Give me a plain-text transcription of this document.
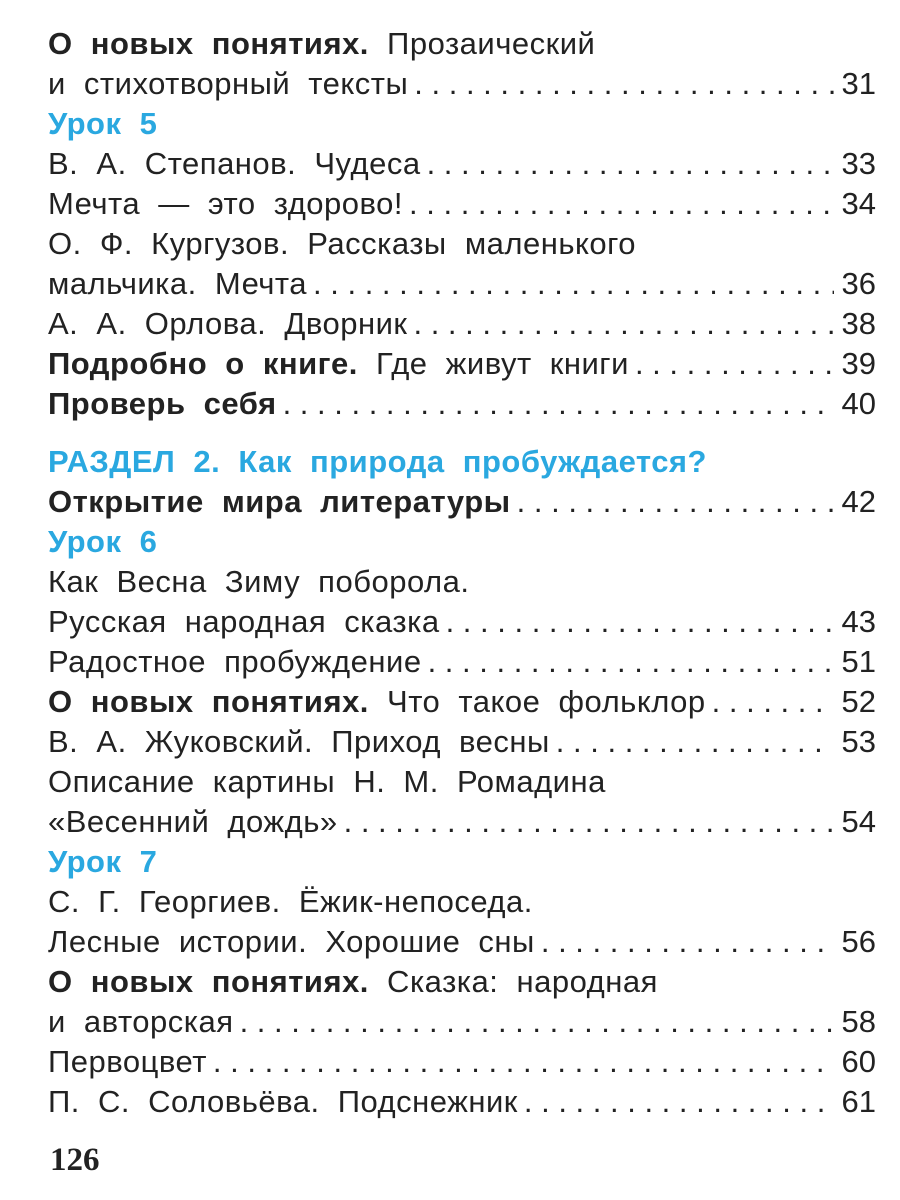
О новых понятиях. Прозаический
и стихотворный тексты . . .	31
Урок 5
В. А. Степанов. Чудеса . . .	33
Мечта — это здорово! . . .	34
О. Ф. Кургузов. Рассказы маленького
мальчика. Мечта . . .	36
А. А. Орлова. Дворник . . .	38
Подробно о книге. Где живут книги . . .	39
Проверь себя . . .	40
РАЗДЕЛ 2. Как природа пробуждается?
Открытие мира литературы . . .	42
Урок 6
Как Весна Зиму поборола.
Русская народная сказка . . .	43
Радостное пробуждение . . .	51
О новых понятиях. Что такое фольклор . . .	52
В. А. Жуковский. Приход весны . . .	53
Описание картины Н. М. Ромадина
«Весенний дождь» . . .	54
Урок 7
С. Г. Георгиев. Ёжик-непоседа.
Лесные истории. Хорошие сны . . .	56
О новых понятиях. Сказка: народная
и авторская . . .	58
Первоцвет . . .	60
П. С. Соловьёва. Подснежник . . .	61
126
